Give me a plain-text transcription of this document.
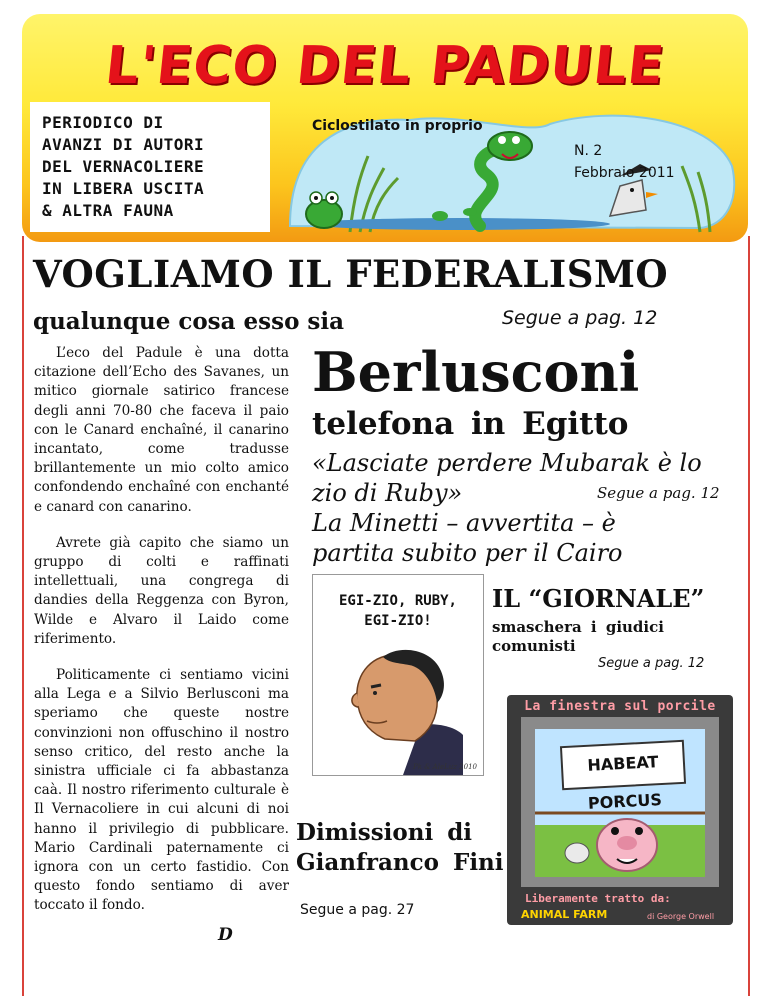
L'ECO DEL PADULE
PERIODICO DI
AVANZI DI AUTORI
DEL VERNACOLIERE
IN LIBERA USCITA
& ALTRA FAUNA
Ciclostilato in proprio
N. 2
Febbraio 2011
VOGLIAMO IL FEDERALISMO
qualunque cosa esso sia	Segue a pag. 12

L’eco del Padule è una dotta citazione dell’Echo des Savanes, un mitico giornale satirico francese degli anni 70-80 che faceva il paio con le Canard enchaîné, il canarino incantato, come tradusse brillantemente un mio colto amico confondendo enchaîné con enchanté e canard con canarino.

Avrete già capito che siamo un gruppo di colti e raffinati intellettuali, una congrega di dandies della Reggenza con Byron, Wilde e Alvaro il Laido come riferimento.

Politicamente ci sentiamo vicini alla Lega e a Silvio Berlusconi ma speriamo che queste nostre convinzioni non offuschino il nostro senso critico, del resto anche la sinistra ufficiale ci fa abbastanza caà. Il nostro riferimento culturale è Il Vernacoliere in cui alcuni di noi hanno il privilegio di pubblicare. Mario Cardinali paternamente ci ignora con un certo fastidio. Con questo fondo sentiamo di aver toccato il fondo.

D
Berlusconi
telefona in Egitto
«Lasciate perdere Mubarak è lo
zio di Ruby»
La Minetti – avvertita – è
partita subito per il Cairo
Segue a pag. 12
EGI-ZIO, RUBY,
EGI-ZIO!
Pk & AleLuz 2010
IL “GIORNALE”
smaschera i giudici comunisti
Segue a pag. 12
La finestra sul porcile
HABEAT PORCUS
Liberamente tratto da:
ANIMAL FARM	di George Orwell
Dimissioni di
Gianfranco Fini
Segue a pag. 27
